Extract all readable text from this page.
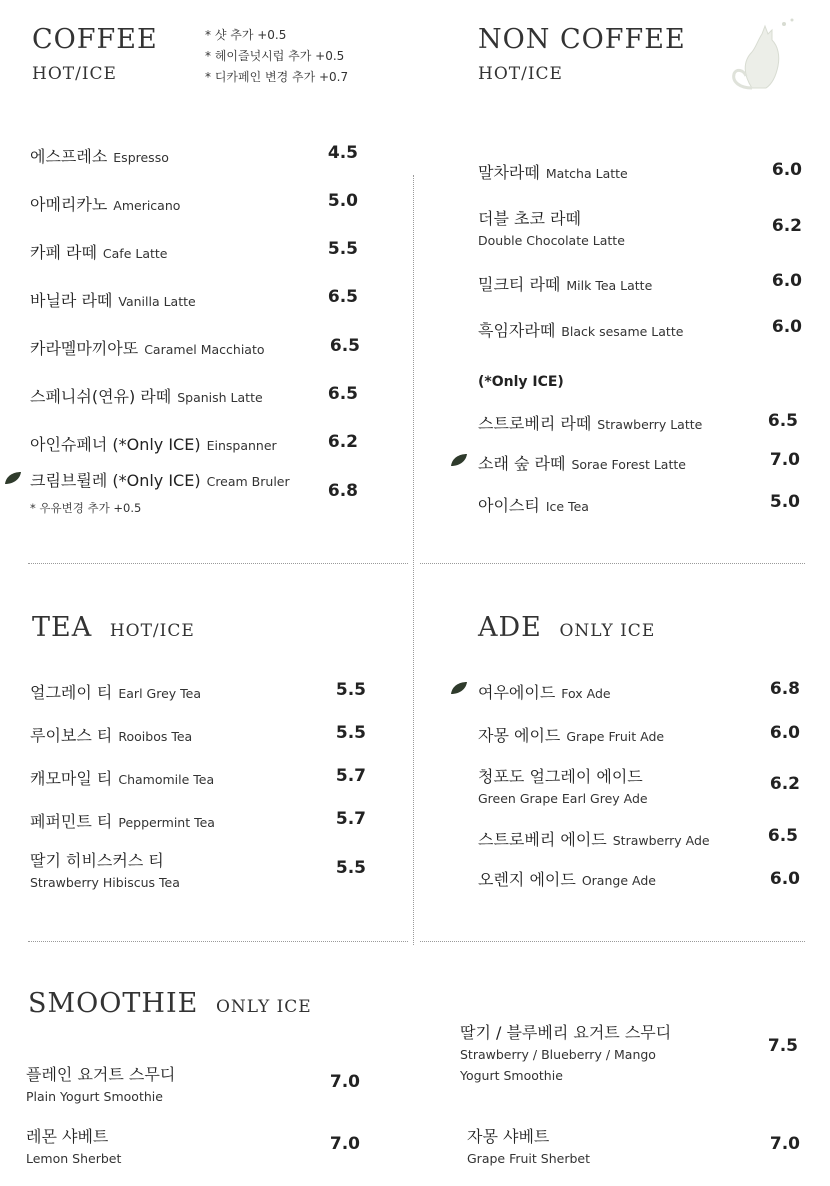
COFFEE
HOT/ICE
* 샷 추가 +0.5
* 헤이즐넛시럽 추가 +0.5
* 디카페인 변경 추가 +0.7
에스프레소 Espresso	4.5
아메리카노 Americano	5.0
카페 라떼 Cafe Latte	5.5
바닐라 라떼 Vanilla Latte	6.5
카라멜마끼아또 Caramel Macchiato	6.5
스페니쉬(연유) 라떼 Spanish Latte	6.5
아인슈페너 (*Only ICE) Einspanner	6.2
크림브륄레 (*Only ICE) Cream Bruler
* 우유변경 추가 +0.5
6.8
NON COFFEE
HOT/ICE
말차라떼 Matcha Latte	6.0
더블 초코 라떼
Double Chocolate Latte
6.2
밀크티 라떼 Milk Tea Latte	6.0
흑임자라떼 Black sesame Latte	6.0
(*Only ICE)
스트로베리 라떼 Strawberry Latte	6.5
소래 숲 라떼 Sorae Forest Latte	7.0
아이스티 Ice Tea	5.0
TEA HOT/ICE
얼그레이 티 Earl Grey Tea	5.5
루이보스 티 Rooibos Tea	5.5
캐모마일 티 Chamomile Tea	5.7
페퍼민트 티 Peppermint Tea	5.7
딸기 히비스커스 티
Strawberry Hibiscus Tea
5.5
ADE ONLY ICE
여우에이드 Fox Ade	6.8
자몽 에이드 Grape Fruit Ade	6.0
청포도 얼그레이 에이드
Green Grape Earl Grey Ade
6.2
스트로베리 에이드 Strawberry Ade	6.5
오렌지 에이드 Orange Ade	6.0
SMOOTHIE ONLY ICE
플레인 요거트 스무디
Plain Yogurt Smoothie
7.0
레몬 샤베트
Lemon Sherbet
7.0
딸기 / 블루베리 요거트 스무디
Strawberry / Blueberry / Mango
Yogurt Smoothie
7.5
자몽 샤베트
Grape Fruit Sherbet
7.0
